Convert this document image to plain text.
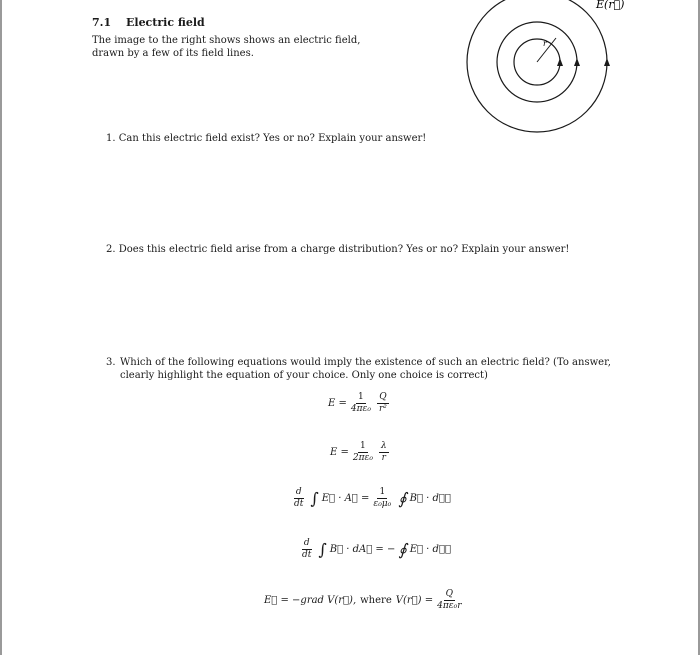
7.1 Electric field
The image to the right shows shows an electric field,
drawn by a few of its field lines.
r
E(r⃗)
1. Can this electric field exist? Yes or no? Explain your answer!
2. Does this electric field arise from a charge distribution? Yes or no? Explain your answer!
3. Which of the following equations would imply the existence of such an electric field? (To answer, clearly highlight the equation of your choice. Only one choice is correct)
$E = \frac{1}{\text{4πε₀}} \frac{Q}{\text{r²}}$
$E = \frac{1}{\text{2πε₀}} \frac{\lambda}{r}$
$\frac{d}{dt}$ ∫ E⃗ · A⃗ = $\frac{1}{\text{ε₀μ₀}}$ ∮ B⃗ · dℓ⃗
$\frac{d}{dt}$ ∫ B⃗ · dA⃗ = − ∮ E⃗ · dℓ⃗
E⃗ = −grad V(r⃗), where V(r⃗) = $\frac{Q}{\text{4πε₀r}}$
